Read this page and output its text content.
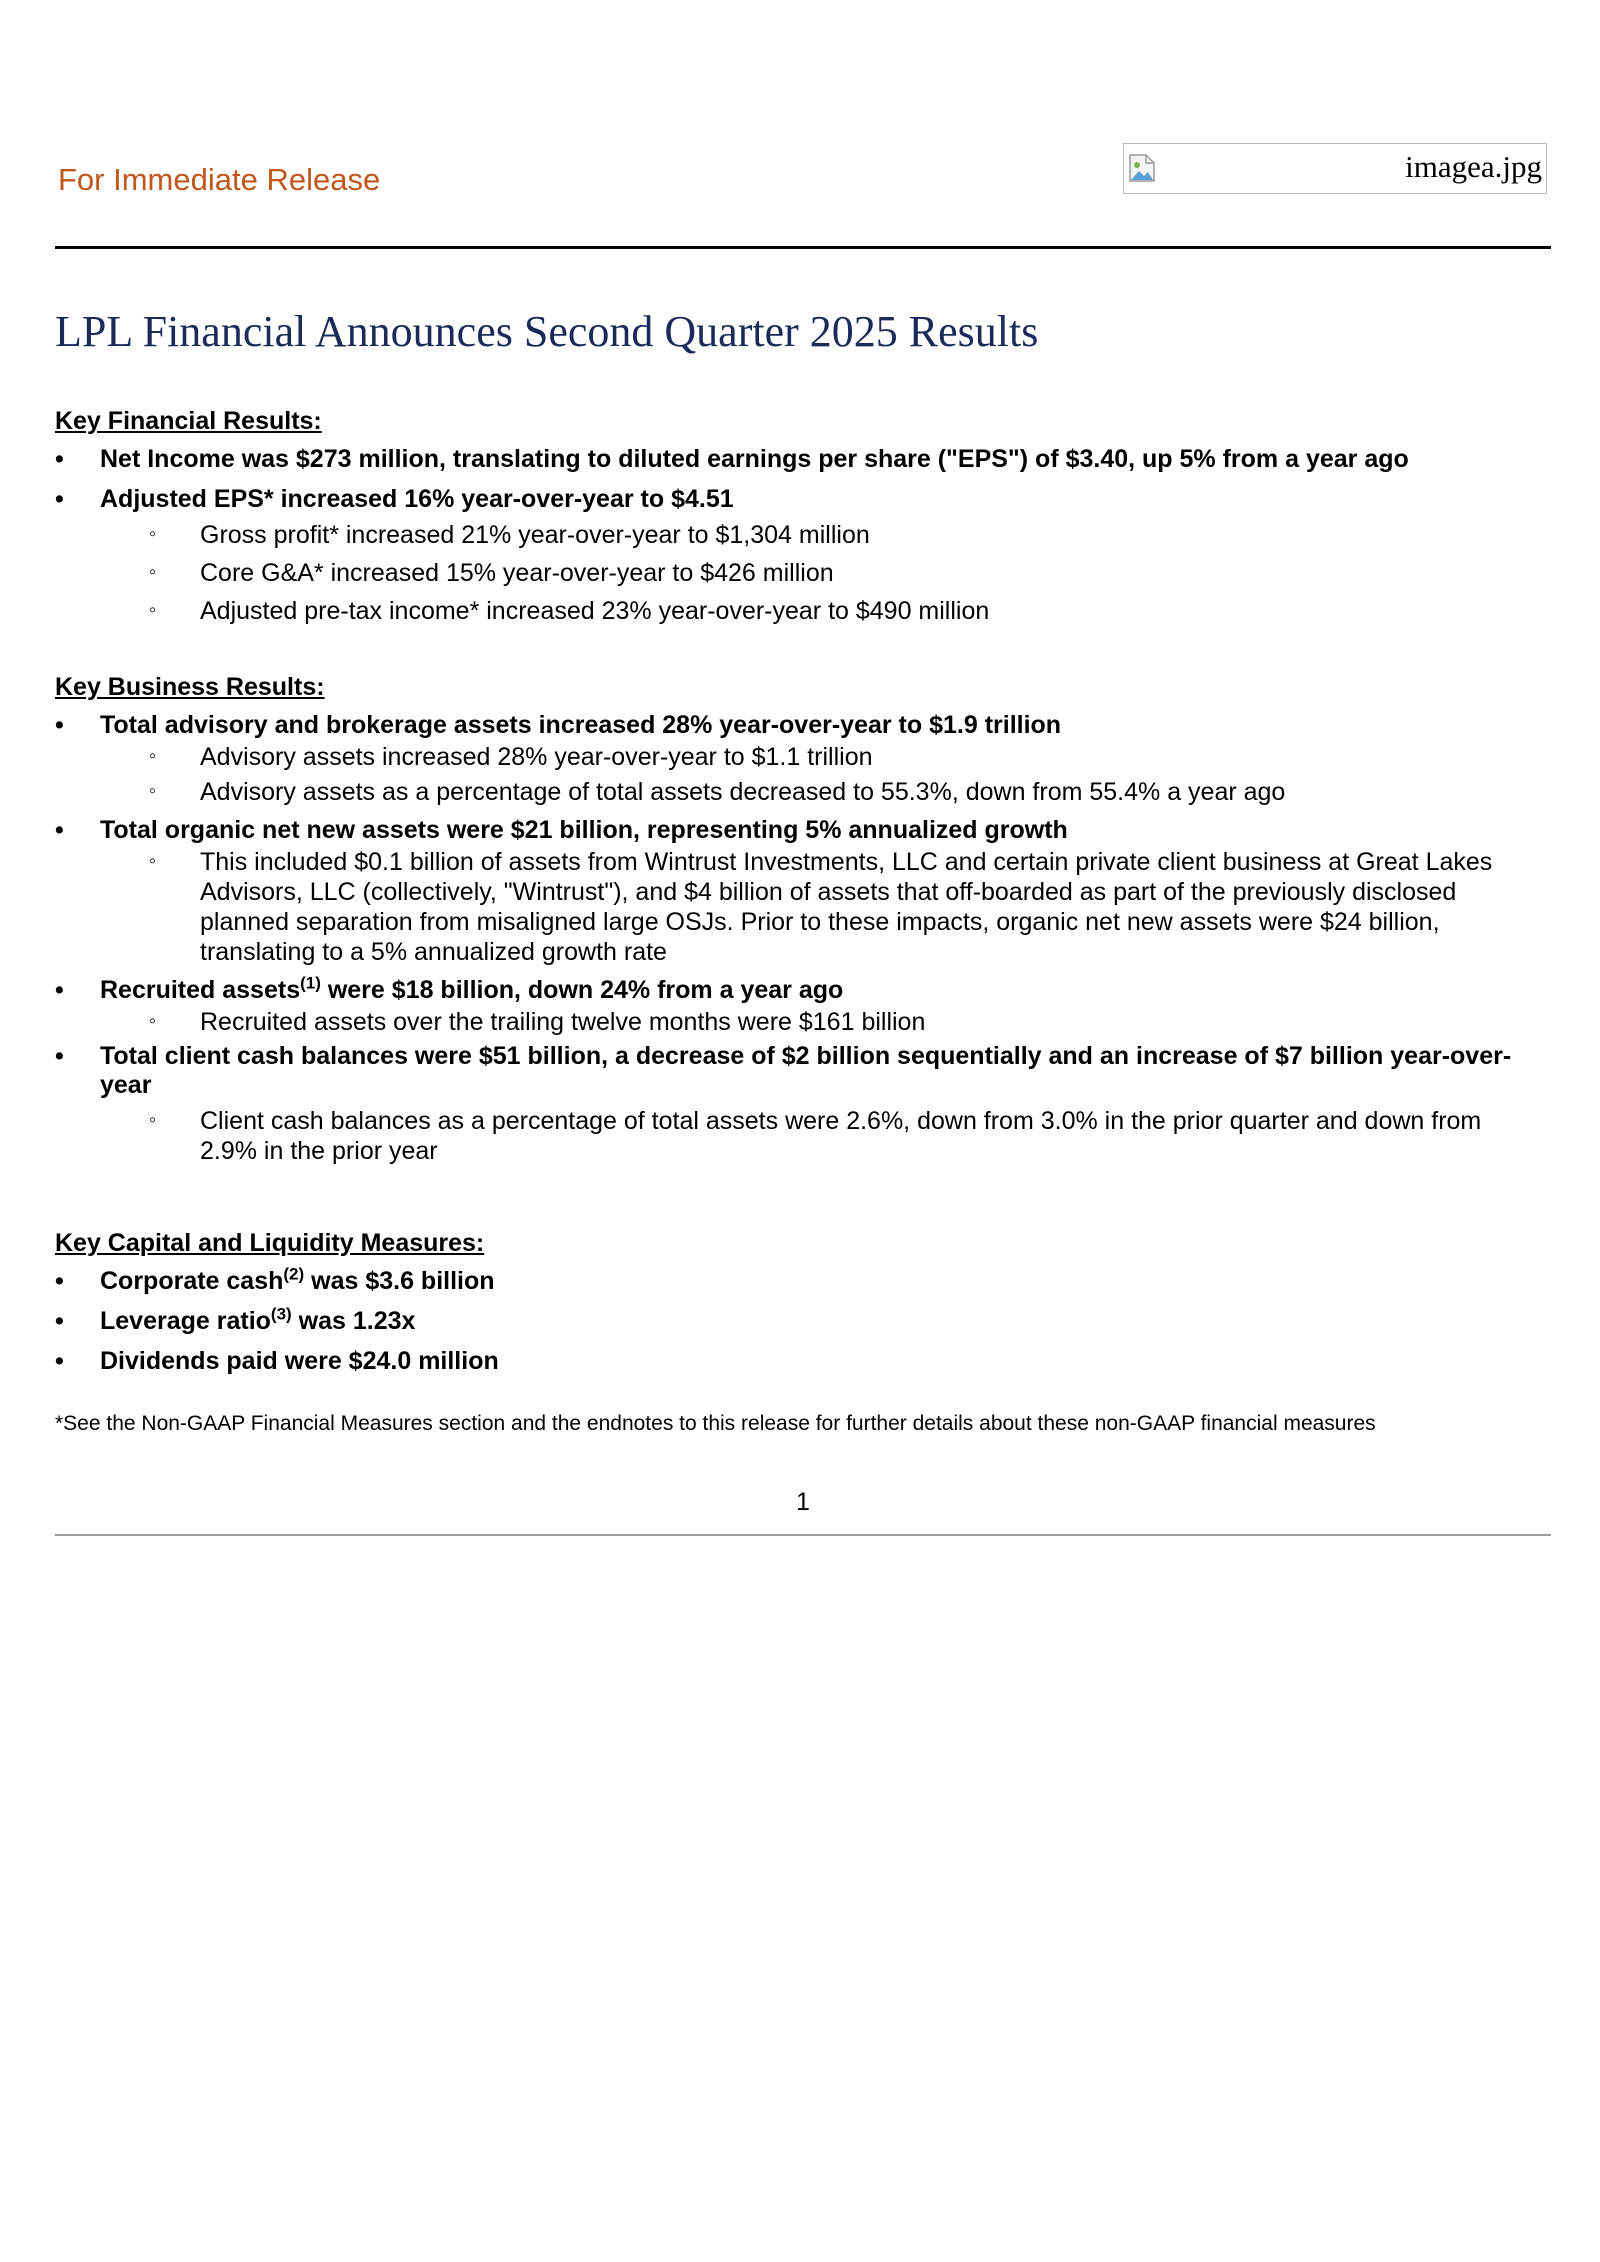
For Immediate Release	imagea.jpg
LPL Financial Announces Second Quarter 2025 Results

Key Financial Results:

• Net Income was $273 million, translating to diluted earnings per share ("EPS") of $3.40, up 5% from a year ago
• Adjusted EPS* increased 16% year-over-year to $4.51
◦ Gross profit* increased 21% year-over-year to $1,304 million
◦ Core G&A* increased 15% year-over-year to $426 million
◦ Adjusted pre-tax income* increased 23% year-over-year to $490 million

Key Business Results:

• Total advisory and brokerage assets increased 28% year-over-year to $1.9 trillion
◦ Advisory assets increased 28% year-over-year to $1.1 trillion
◦ Advisory assets as a percentage of total assets decreased to 55.3%, down from 55.4% a year ago
• Total organic net new assets were $21 billion, representing 5% annualized growth
◦ This included $0.1 billion of assets from Wintrust Investments, LLC and certain private client business at Great Lakes Advisors, LLC (collectively, "Wintrust"), and $4 billion of assets that off-boarded as part of the previously disclosed planned separation from misaligned large OSJs. Prior to these impacts, organic net new assets were $24 billion, translating to a 5% annualized growth rate
• Recruited assets$^{(1)}$ were $18 billion, down 24% from a year ago
◦ Recruited assets over the trailing twelve months were $161 billion
• Total client cash balances were $51 billion, a decrease of $2 billion sequentially and an increase of $7 billion year-over-year
◦ Client cash balances as a percentage of total assets were 2.6%, down from 3.0% in the prior quarter and down from 2.9% in the prior year

Key Capital and Liquidity Measures:

• Corporate cash$^{(2)}$ was $3.6 billion
• Leverage ratio$^{(3)}$ was 1.23x
• Dividends paid were $24.0 million
*See the Non-GAAP Financial Measures section and the endnotes to this release for further details about these non-GAAP financial measures
1
